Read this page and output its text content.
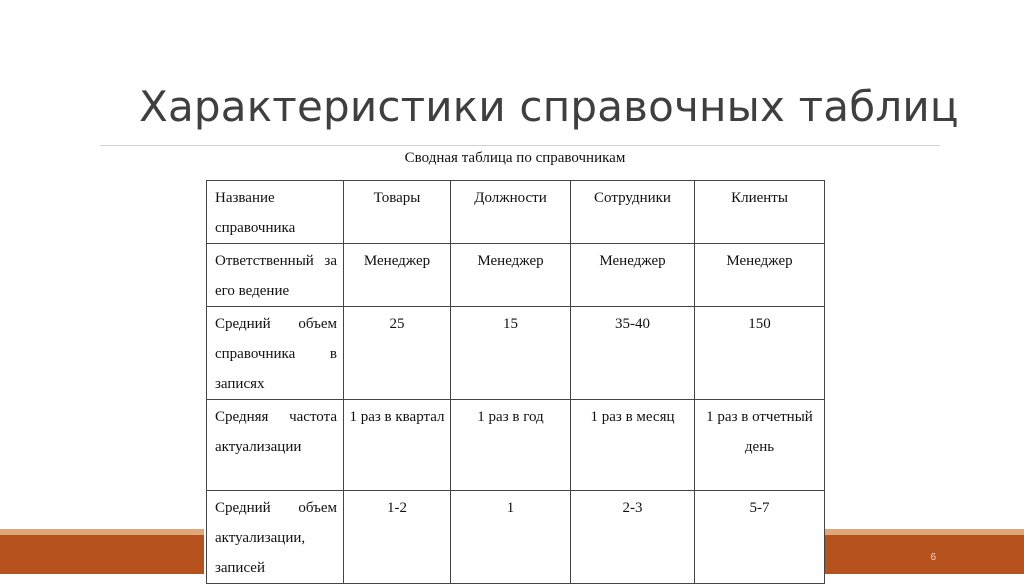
Характеристики справочных таблиц
Сводная таблица по справочникам
Название справочника	Товары	Должности	Сотрудники	Клиенты
Ответственный за его ведение	Менеджер	Менеджер	Менеджер	Менеджер
Средний объем справочника в записях	25	15	35-40	150
Средняя частота актуализации	1 раз в квартал	1 раз в год	1 раз в месяц	1 раз в отчетный день
Средний объем актуализации, записей	1-2	1	2-3	5-7
6
